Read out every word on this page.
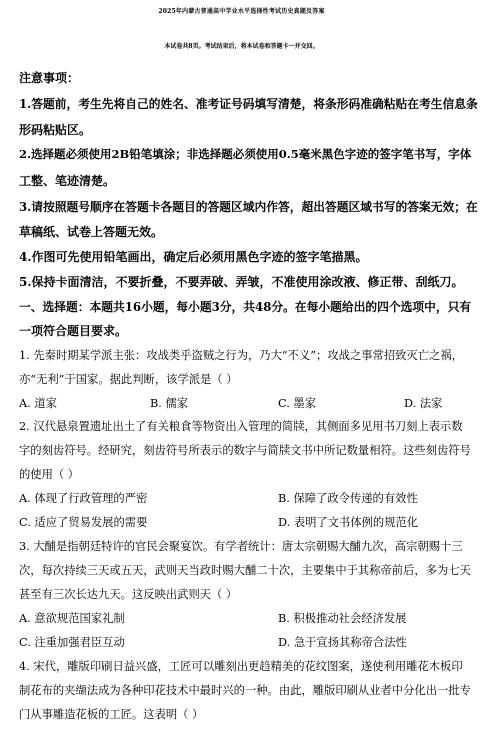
2025年内蒙古普通高中学业水平选择性考试历史真题及答案
本试卷共8页。考试结束后，将本试卷和答题卡一并交回。
注意事项：
1.答题前，考生先将自己的姓名、准考证号码填写清楚，将条形码准确粘贴在考生信息条
形码粘贴区。
2.选择题必须使用2B铅笔填涂；非选择题必须使用0.5毫米黑色字迹的签字笔书写，字体
工整、笔迹清楚。
3.请按照题号顺序在答题卡各题目的答题区域内作答，超出答题区域书写的答案无效；在
草稿纸、试卷上答题无效。
4.作图可先使用铅笔画出，确定后必须用黑色字迹的签字笔描黑。
5.保持卡面清洁，不要折叠，不要弄破、弄皱，不准使用涂改液、修正带、刮纸刀。
一、选择题：本题共16小题，每小题3分，共48分。在每小题给出的四个选项中，只有
一项符合题目要求。
1. 先秦时期某学派主张：攻战类乎盗贼之行为，乃大“不义”；攻战之事常招致灭亡之祸，
亦“无利”于国家。据此判断，该学派是（ ）
A. 道家	B. 儒家	C. 墨家	D. 法家
2. 汉代悬泉置遗址出土了有关粮食等物资出入管理的简牍，其侧面多见用书刀刻上表示数
字的刻齿符号。经研究，刻齿符号所表示的数字与简牍文书中所记数量相符。这些刻齿符号
的使用（ ）
A. 体现了行政管理的严密	B. 保障了政令传递的有效性
C. 适应了贸易发展的需要	D. 表明了文书体例的规范化
3. 大酺是指朝廷特许的官民会聚宴饮。有学者统计：唐太宗朝赐大酺九次，高宗朝赐十三
次，每次持续三天或五天，武则天当政时赐大酺二十次，主要集中于其称帝前后，多为七天
甚至有三次长达九天。这反映出武则天（ ）
A. 意欲规范国家礼制	B. 积极推动社会经济发展
C. 注重加强君臣互动	D. 急于宣扬其称帝合法性
4. 宋代，雕版印刷日益兴盛，工匠可以雕刻出更趋精美的花纹图案，遂使利用雕花木板印
制花布的夹缬法成为各种印花技术中最时兴的一种。由此，雕版印刷从业者中分化出一批专
门从事雕造花板的工匠。这表明（ ）
